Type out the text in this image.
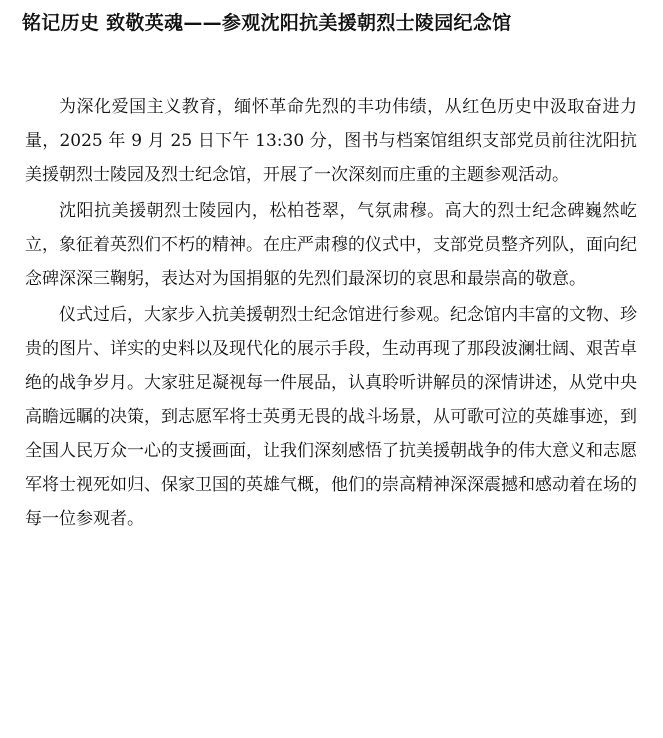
铭记历史 致敬英魂——参观沈阳抗美援朝烈士陵园纪念馆

为深化爱国主义教育，缅怀革命先烈的丰功伟绩，从红色历史中汲取奋进力量，2025 年 9 月 25 日下午 13:30 分，图书与档案馆组织支部党员前往沈阳抗美援朝烈士陵园及烈士纪念馆，开展了一次深刻而庄重的主题参观活动。

沈阳抗美援朝烈士陵园内，松柏苍翠，气氛肃穆。高大的烈士纪念碑巍然屹立，象征着英烈们不朽的精神。在庄严肃穆的仪式中，支部党员整齐列队，面向纪念碑深深三鞠躬，表达对为国捐躯的先烈们最深切的哀思和最崇高的敬意。

仪式过后，大家步入抗美援朝烈士纪念馆进行参观。纪念馆内丰富的文物、珍贵的图片、详实的史料以及现代化的展示手段，生动再现了那段波澜壮阔、艰苦卓绝的战争岁月。大家驻足凝视每一件展品，认真聆听讲解员的深情讲述，从党中央高瞻远瞩的决策，到志愿军将士英勇无畏的战斗场景，从可歌可泣的英雄事迹，到全国人民万众一心的支援画面，让我们深刻感悟了抗美援朝战争的伟大意义和志愿军将士视死如归、保家卫国的英雄气概，他们的崇高精神深深震撼和感动着在场的每一位参观者。
